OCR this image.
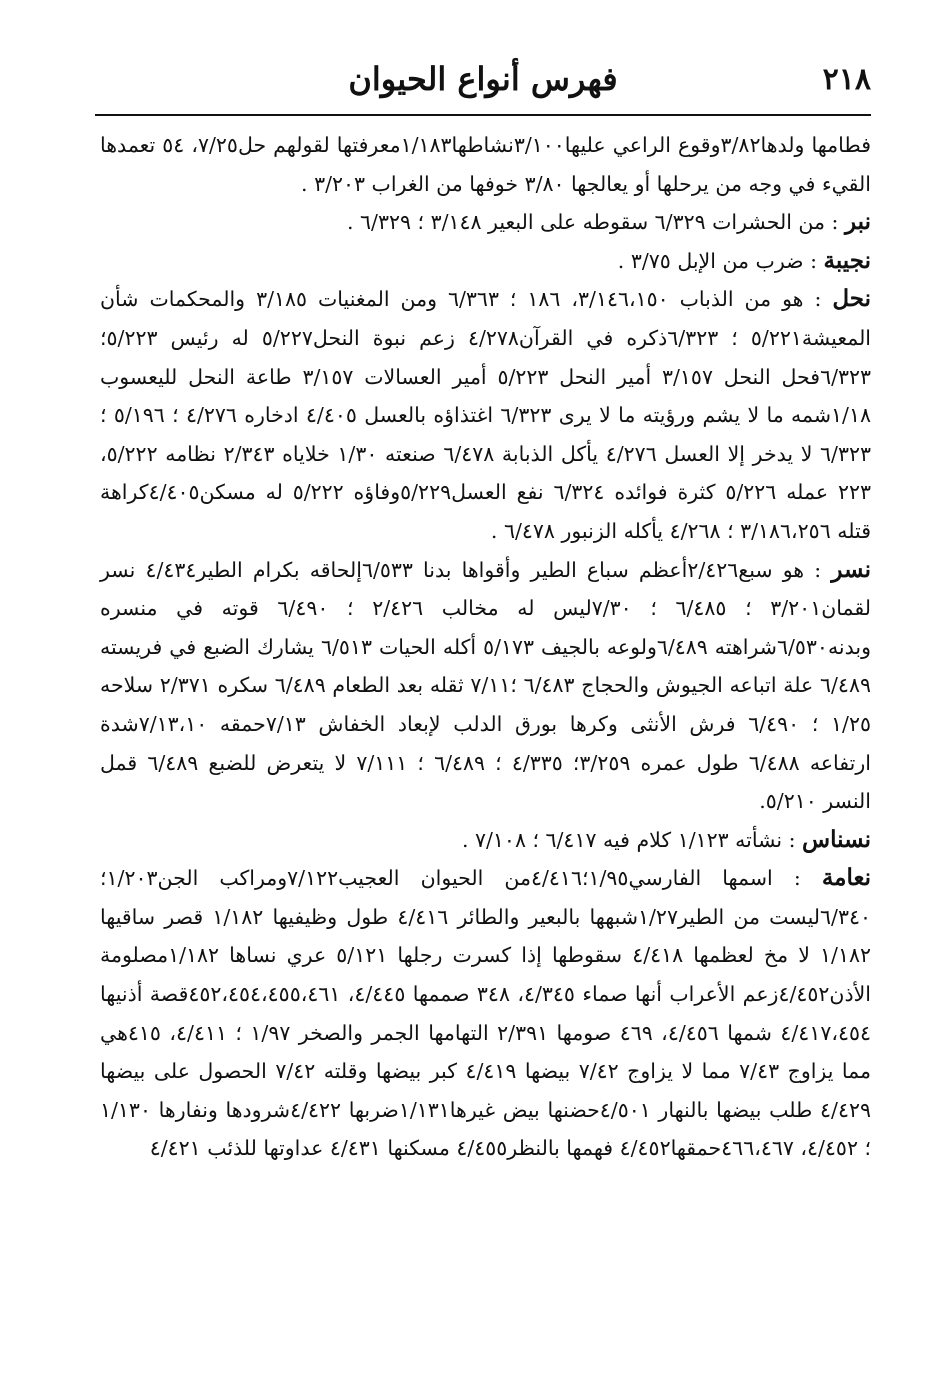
٢١٨
فهرس أنواع الحيوان

فطامها ولدها٣/٨٢وقوع الراعي عليها٣/١٠٠نشاطها١/١٨٣معرفتها لقولهم حل٧/٢٥، ٥٤ تعمدها القيء في وجه من يرحلها أو يعالجها ٣/٨٠ خوفها من الغراب ٣/٢٠٣ .

نبر : من الحشرات ٦/٣٢٩ سقوطه على البعير ٣/١٤٨ ؛ ٦/٣٢٩ .

نجيبة : ضرب من الإبل ٣/٧٥ .

نحل : هو من الذباب ٣/١٤٦،١٥٠، ١٨٦ ؛ ٦/٣٦٣ ومن المغنيات ٣/١٨٥ والمحكمات شأن المعيشة٥/٢٢١ ؛ ٦/٣٢٣ذكره في القرآن٤/٢٧٨ زعم نبوة النحل٥/٢٢٧ له رئيس ٥/٢٢٣؛ ٦/٣٢٣فحل النحل ٣/١٥٧ أمير النحل ٥/٢٢٣ أمير العسالات ٣/١٥٧ طاعة النحل لليعسوب ١/١٨شمه ما لا يشم ورؤيته ما لا يرى ٦/٣٢٣ اغتذاؤه بالعسل ٤/٤٠٥ ادخاره ٤/٢٧٦ ؛ ٥/١٩٦ ؛ ٦/٣٢٣ لا يدخر إلا العسل ٤/٢٧٦ يأكل الذبابة ٦/٤٧٨ صنعته ١/٣٠ خلاياه ٢/٣٤٣ نظامه ٥/٢٢٢، ٢٢٣ عمله ٥/٢٢٦ كثرة فوائده ٦/٣٢٤ نفع العسل٥/٢٢٩وفاؤه ٥/٢٢٢ له مسكن٤/٤٠٥كراهة قتله ٣/١٨٦،٢٥٦ ؛ ٤/٢٦٨ يأكله الزنبور ٦/٤٧٨ .

نسر : هو سبع٢/٤٢٦أعظم سباع الطير وأقواها بدنا ٦/٥٣٣إلحاقه بكرام الطير٤/٤٣٤ نسر لقمان٣/٢٠١ ؛ ٦/٤٨٥ ؛ ٧/٣٠ليس له مخالب ٢/٤٢٦ ؛ ٦/٤٩٠ قوته في منسره وبدنه٦/٥٣٠شراهته ٦/٤٨٩ولوعه بالجيف ٥/١٧٣ أكله الحيات ٦/٥١٣ يشارك الضبع في فريسته ٦/٤٨٩ علة اتباعه الجيوش والحجاج ٦/٤٨٣ ؛٧/١١ ثقله بعد الطعام ٦/٤٨٩ سكره ٢/٣٧١ سلاحه ١/٢٥ ؛ ٦/٤٩٠ فرش الأنثى وكرها بورق الدلب لإبعاد الخفاش ٧/١٣حمقه ٧/١٣،١٠شدة ارتفاعه ٦/٤٨٨ طول عمره ٣/٢٥٩؛ ٤/٣٣٥ ؛ ٦/٤٨٩ ؛ ٧/١١١ لا يتعرض للضبع ٦/٤٨٩ قمل النسر ٥/٢١٠.

نسناس : نشأته ١/١٢٣ كلام فيه ٦/٤١٧ ؛ ٧/١٠٨ .

نعامة : اسمها الفارسي١/٩٥؛٤/٤١٦من الحيوان العجيب٧/١٢٢ومراكب الجن١/٢٠٣؛ ٦/٣٤٠ليست من الطير١/٢٧شبهها بالبعير والطائر ٤/٤١٦ طول وظيفيها ١/١٨٢ قصر ساقيها ١/١٨٢ لا مخ لعظمها ٤/٤١٨ سقوطها إذا كسرت رجلها ٥/١٢١ عري نساها ١/١٨٢مصلومة الأذن٤/٤٥٢زعم الأعراب أنها صماء ٤/٣٤٥، ٣٤٨ صممها ٤/٤٤٥، ٤٥٢،٤٥٤،٤٥٥،٤٦١قصة أذنيها ٤/٤١٧،٤٥٤ شمها ٤/٤٥٦، ٤٦٩ صومها ٢/٣٩١ التهامها الجمر والصخر ١/٩٧ ؛ ٤/٤١١، ٤١٥هي مما يزاوج ٧/٤٣ مما لا يزاوج ٧/٤٢ بيضها ٤/٤١٩ كبر بيضها وقلته ٧/٤٢ الحصول على بيضها ٤/٤٢٩ طلب بيضها بالنهار ٤/٥٠١حضنها بيض غيرها١/١٣١ضربها ٤/٤٢٢شرودها ونفارها ١/١٣٠ ؛ ٤/٤٥٢، ٤٦٦،٤٦٧حمقها٤/٤٥٢ فهمها بالنظر٤/٤٥٥ مسكنها ٤/٤٣١ عداوتها للذئب ٤/٤٢١
